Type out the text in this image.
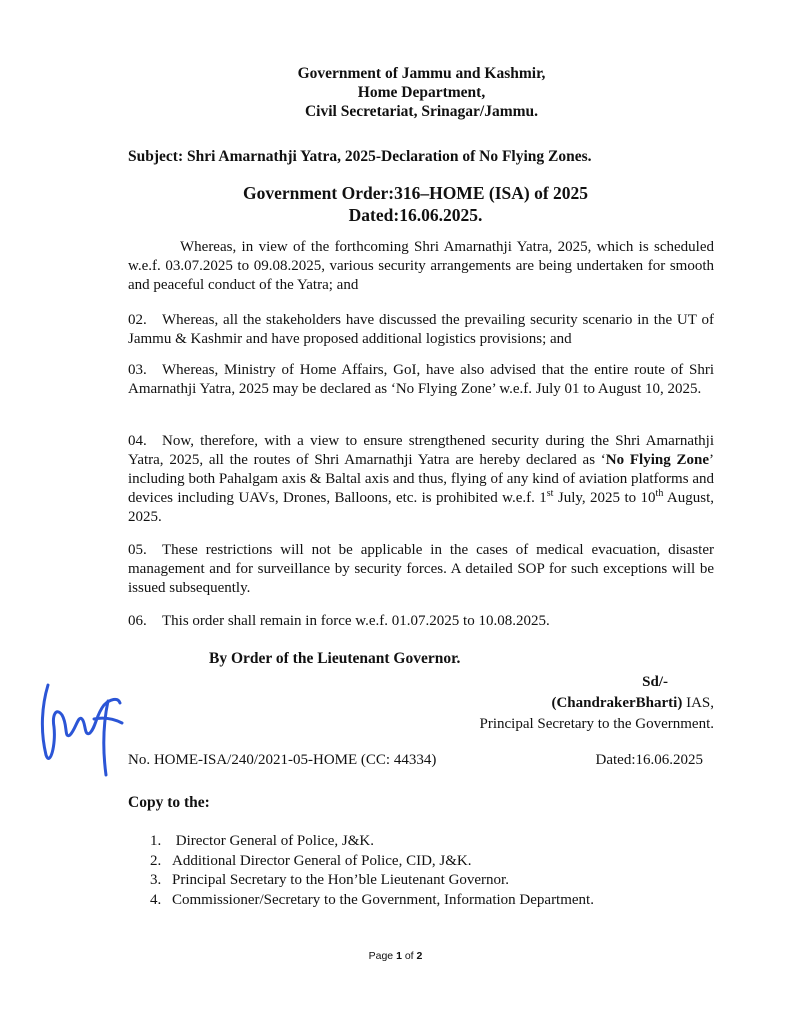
Government of Jammu and Kashmir,
Home Department,
Civil Secretariat, Srinagar/Jammu.
Subject: Shri Amarnathji Yatra, 2025-Declaration of No Flying Zones.
Government Order:316–HOME (ISA) of 2025
Dated:16.06.2025.

Whereas, in view of the forthcoming Shri Amarnathji Yatra, 2025, which is scheduled w.e.f. 03.07.2025 to 09.08.2025, various security arrangements are being undertaken for smooth and peaceful conduct of the Yatra; and

02. Whereas, all the stakeholders have discussed the prevailing security scenario in the UT of Jammu & Kashmir and have proposed additional logistics provisions; and

03. Whereas, Ministry of Home Affairs, GoI, have also advised that the entire route of Shri Amarnathji Yatra, 2025 may be declared as ‘No Flying Zone’ w.e.f. July 01 to August 10, 2025.

04. Now, therefore, with a view to ensure strengthened security during the Shri Amarnathji Yatra, 2025, all the routes of Shri Amarnathji Yatra are hereby declared as ‘No Flying Zone’ including both Pahalgam axis & Baltal axis and thus, flying of any kind of aviation platforms and devices including UAVs, Drones, Balloons, etc. is prohibited w.e.f. 1st July, 2025 to 10th August, 2025.

05. These restrictions will not be applicable in the cases of medical evacuation, disaster management and for surveillance by security forces. A detailed SOP for such exceptions will be issued subsequently.

06. This order shall remain in force w.e.f. 01.07.2025 to 10.08.2025.

By Order of the Lieutenant Governor.
Sd/-
(ChandrakerBharti) IAS,
Principal Secretary to the Government.
No. HOME-ISA/240/2021-05-HOME (CC: 44334)	Dated:16.06.2025
Copy to the:
1. Director General of Police, J&K.
2. Additional Director General of Police, CID, J&K.
3. Principal Secretary to the Hon’ble Lieutenant Governor.
4. Commissioner/Secretary to the Government, Information Department.
Page 1 of 2
